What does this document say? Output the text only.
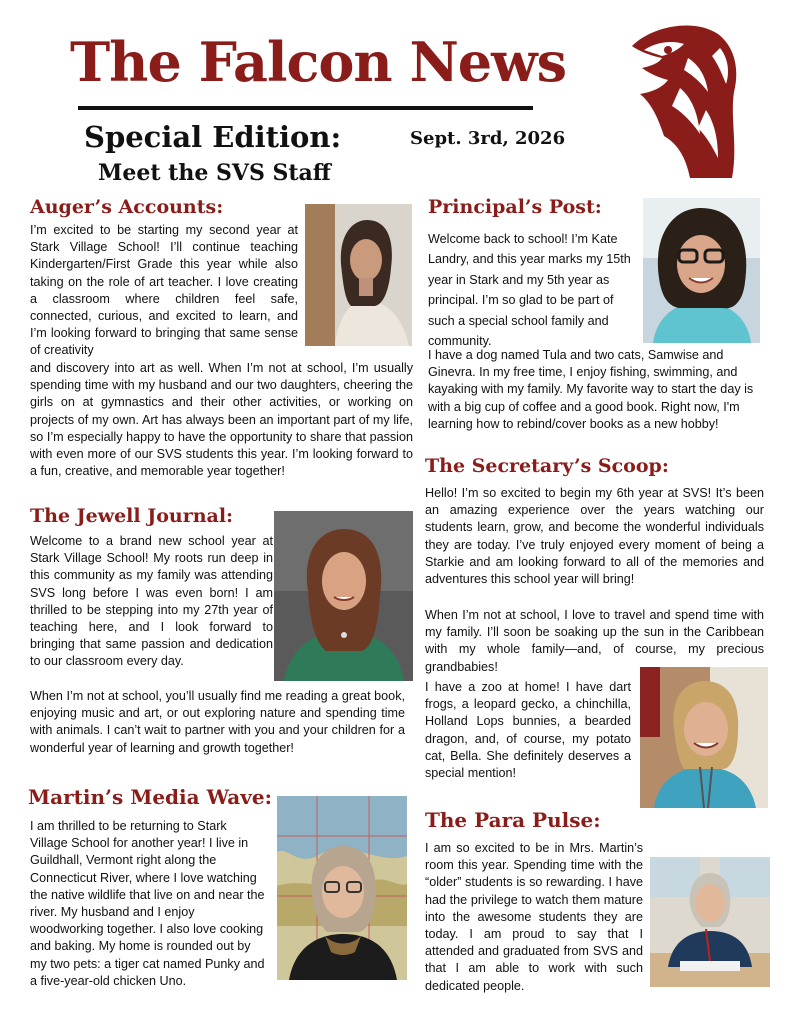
The Falcon News
Special Edition:
Meet the SVS Staff
Sept. 3rd, 2026
Auger’s Accounts:

I’m excited to be starting my second year at Stark Village School! I’ll continue teaching Kindergarten/First Grade this year while also taking on the role of art teacher. I love creating a classroom where children feel safe, connected, curious, and excited to learn, and I’m looking forward to bringing that same sense of creativity

and discovery into art as well. When I’m not at school, I’m usually spending time with my husband and our two daughters, cheering the girls on at gymnastics and their other activities, or working on projects of my own. Art has always been an important part of my life, so I’m especially happy to have the opportunity to share that passion with even more of our SVS students this year. I’m looking forward to a fun, creative, and memorable year together!

Principal’s Post:

Welcome back to school! I’m Kate Landry, and this year marks my 15th year in Stark and my 5th year as principal. I’m so glad to be part of such a special school family and community.

I have a dog named Tula and two cats, Samwise and Ginevra. In my free time, I enjoy fishing, swimming, and kayaking with my family. My favorite way to start the day is with a big cup of coffee and a good book. Right now, I'm learning how to rebind/cover books as a new hobby!

The Secretary’s Scoop:

Hello! I’m so excited to begin my 6th year at SVS! It’s been an amazing experience over the years watching our students learn, grow, and become the wonderful individuals they are today. I’ve truly enjoyed every moment of being a Starkie and am looking forward to all of the memories and adventures this school year will bring!

When I’m not at school, I love to travel and spend time with my family. I’ll soon be soaking up the sun in the Caribbean with my whole family—and, of course, my precious grandbabies!

I have a zoo at home! I have dart frogs, a leopard gecko, a chinchilla, Holland Lops bunnies, a bearded dragon, and, of course, my potato cat, Bella. She definitely deserves a special mention!

The Jewell Journal:

Welcome to a brand new school year at Stark Village School! My roots run deep in this community as my family was attending SVS long before I was even born! I am thrilled to be stepping into my 27th year of teaching here, and I look forward to bringing that same passion and dedication to our classroom every day.

When I’m not at school, you’ll usually find me reading a great book, enjoying music and art, or out exploring nature and spending time with animals. I can’t wait to partner with you and your children for a wonderful year of learning and growth together!

Martin’s Media Wave:

I am thrilled to be returning to Stark Village School for another year! I live in Guildhall, Vermont right along the Connecticut River, where I love watching the native wildlife that live on and near the river. My husband and I enjoy woodworking together. I also love cooking and baking. My home is rounded out by my two pets: a tiger cat named Punky and a five-year-old chicken Uno.

The Para Pulse:

I am so excited to be in Mrs. Martin’s room this year. Spending time with the “older” students is so rewarding. I have had the privilege to watch them mature into the awesome students they are today. I am proud to say that I attended and graduated from SVS and that I am able to work with such dedicated people.
